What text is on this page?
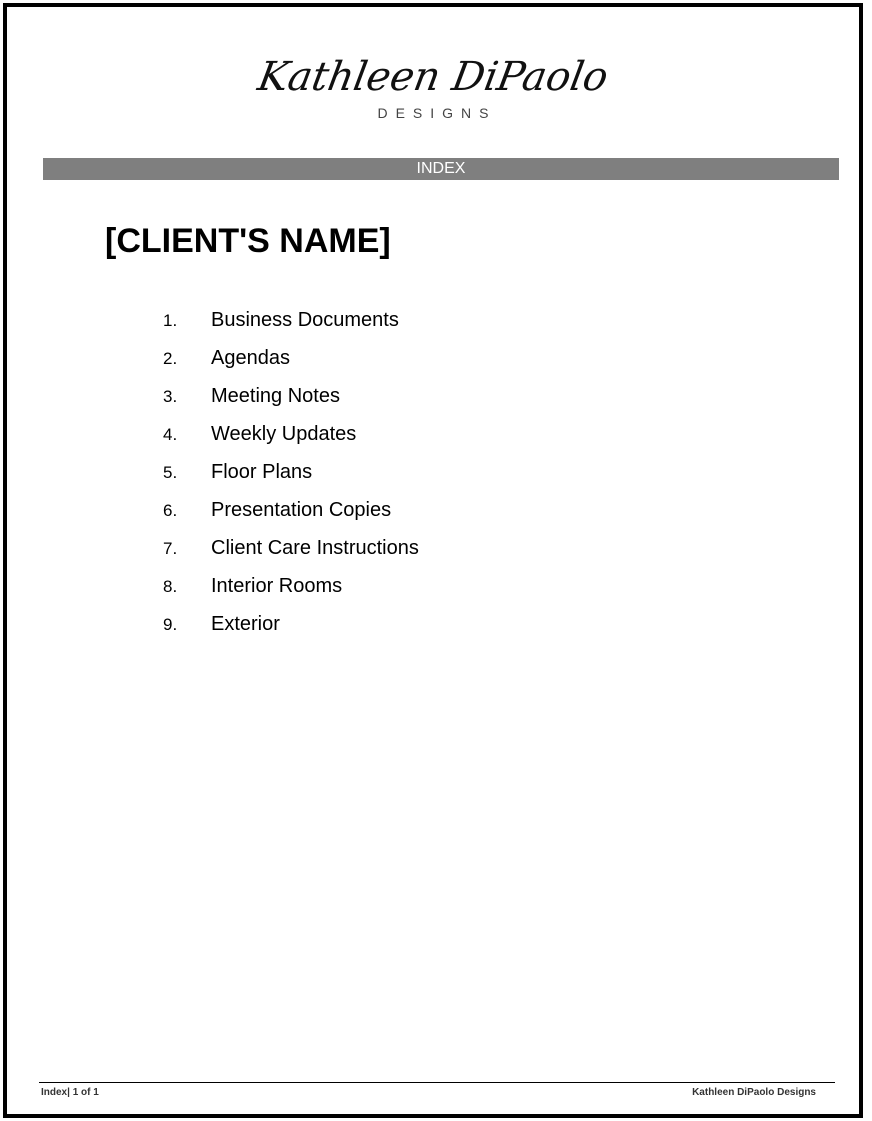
Kathleen DiPaolo
DESIGNS
INDEX
[CLIENT'S NAME]
1.	Business Documents
2.	Agendas
3.	Meeting Notes
4.	Weekly Updates
5.	Floor Plans
6.	Presentation Copies
7.	Client Care Instructions
8.	Interior Rooms
9.	Exterior
Index| 1 of 1	Kathleen DiPaolo Designs
